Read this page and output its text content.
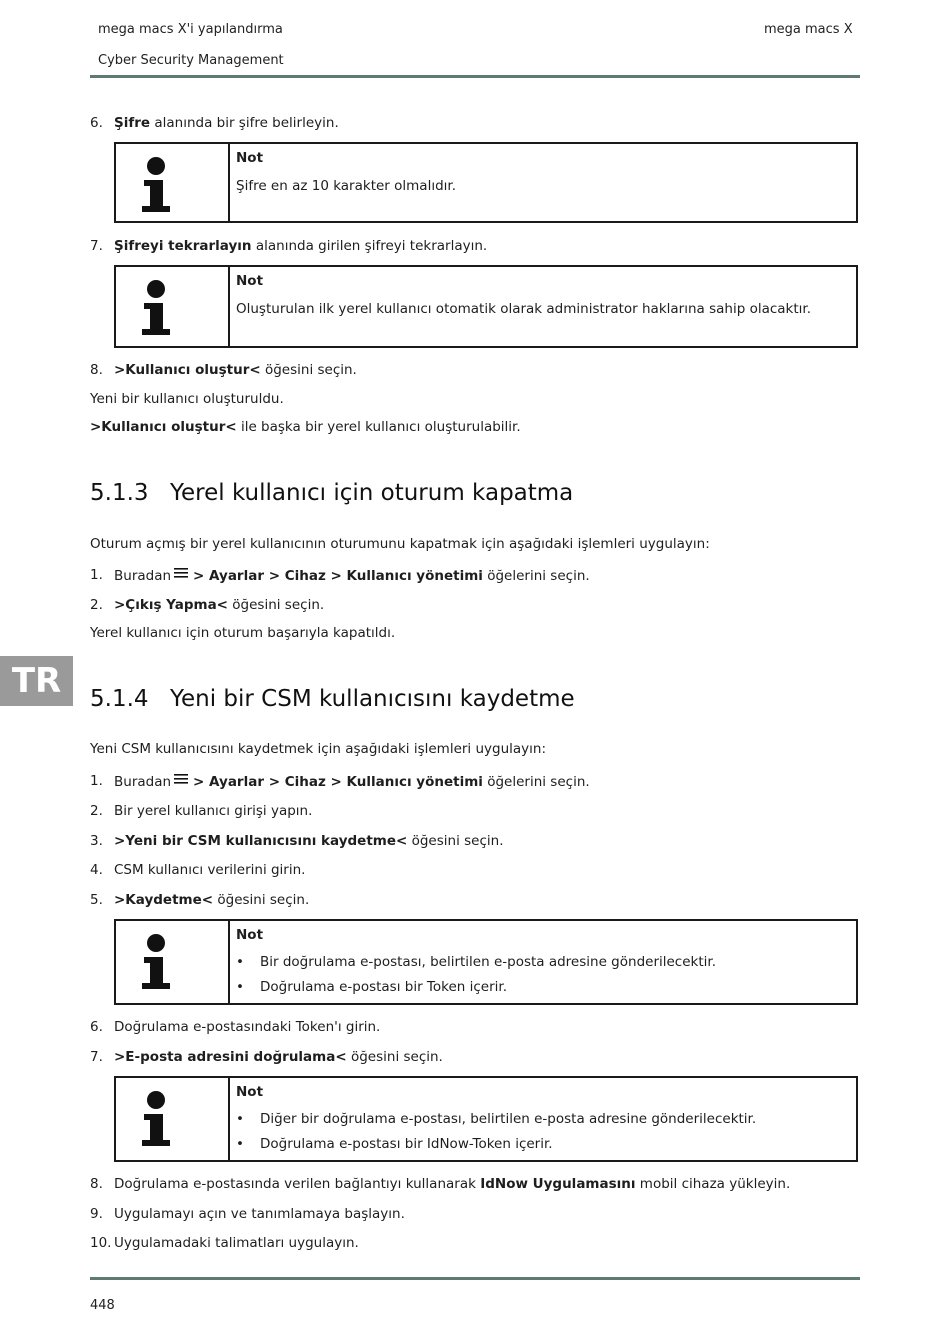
mega macs X'i yapılandırma	mega macs X
Cyber Security Management
6. Şifre alanında bir şifre belirleyin.
Not
Şifre en az 10 karakter olmalıdır.
7. Şifreyi tekrarlayın alanında girilen şifreyi tekrarlayın.
Not
Oluşturulan ilk yerel kullanıcı otomatik olarak administrator haklarına sahip olacaktır.
8. >Kullanıcı oluştur< öğesini seçin.
Yeni bir kullanıcı oluşturuldu.
>Kullanıcı oluştur< ile başka bir yerel kullanıcı oluşturulabilir.
5.1.3 Yerel kullanıcı için oturum kapatma
Oturum açmış bir yerel kullanıcının oturumunu kapatmak için aşağıdaki işlemleri uygulayın:
1. Buradan > Ayarlar > Cihaz > Kullanıcı yönetimi öğelerini seçin.
2. >Çıkış Yapma< öğesini seçin.
Yerel kullanıcı için oturum başarıyla kapatıldı.
TR	5.1.4 Yeni bir CSM kullanıcısını kaydetme
Yeni CSM kullanıcısını kaydetmek için aşağıdaki işlemleri uygulayın:
1. Buradan > Ayarlar > Cihaz > Kullanıcı yönetimi öğelerini seçin.
2. Bir yerel kullanıcı girişi yapın.
3. >Yeni bir CSM kullanıcısını kaydetme< öğesini seçin.
4. CSM kullanıcı verilerini girin.
5. >Kaydetme< öğesini seçin.
Not
• Bir doğrulama e-postası, belirtilen e-posta adresine gönderilecektir.
• Doğrulama e-postası bir Token içerir.
6. Doğrulama e-postasındaki Token'ı girin.
7. >E-posta adresini doğrulama< öğesini seçin.
Not
• Diğer bir doğrulama e-postası, belirtilen e-posta adresine gönderilecektir.
• Doğrulama e-postası bir IdNow-Token içerir.
8. Doğrulama e-postasında verilen bağlantıyı kullanarak IdNow Uygulamasını mobil cihaza yükleyin.
9. Uygulamayı açın ve tanımlamaya başlayın.
10. Uygulamadaki talimatları uygulayın.
448
